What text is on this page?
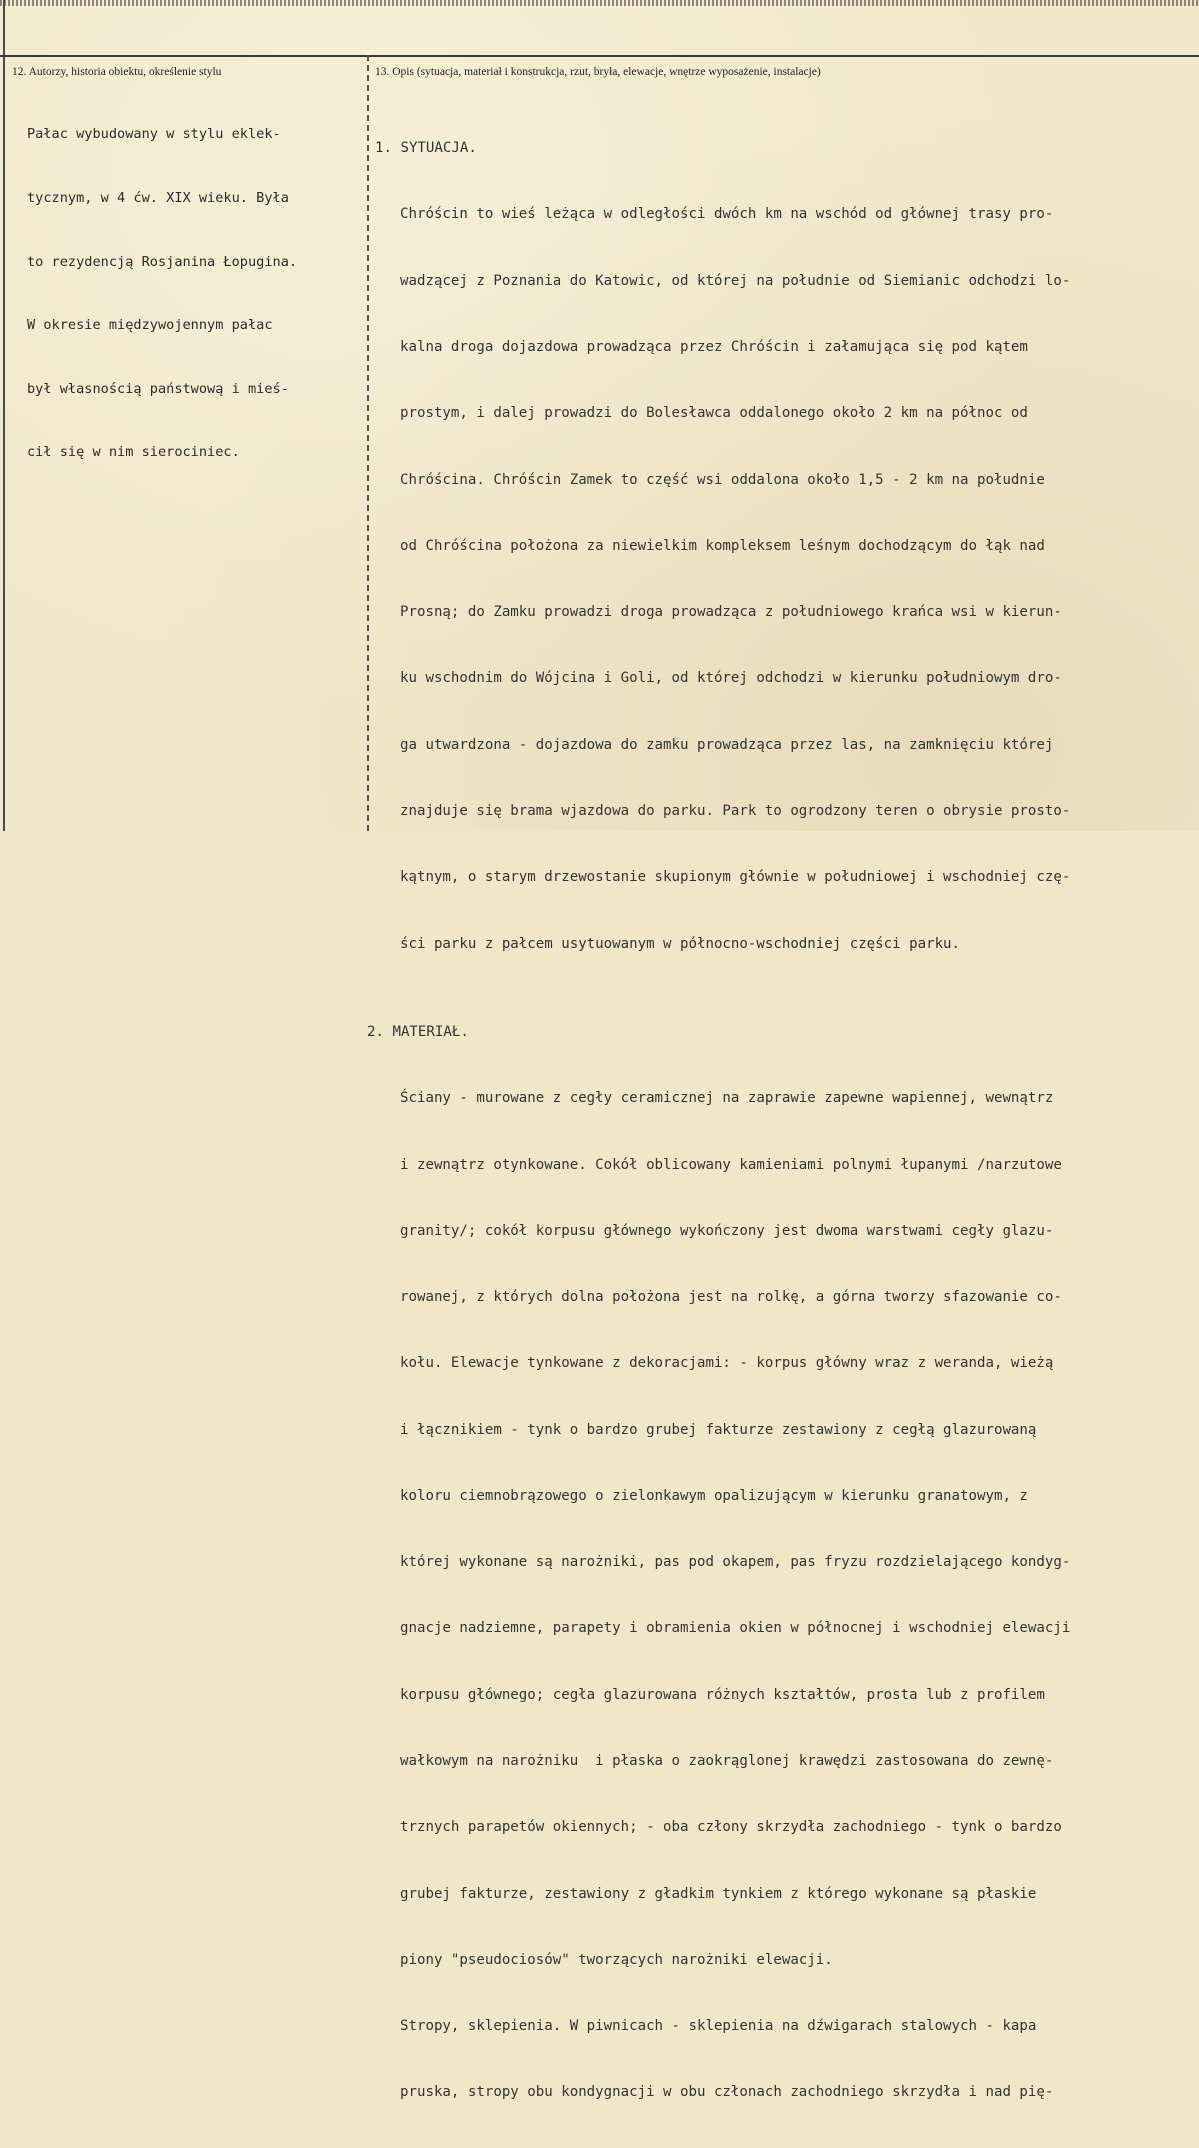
12. Autorzy, historia obiektu, określenie stylu	13. Opis (sytuacja, materiał i konstrukcja, rzut, bryła, elewacje, wnętrze wyposażenie, instalacje)

Pałac wybudowany w stylu eklek-

tycznym, w 4 ćw. XIX wieku. Była

to rezydencją Rosjanina Łopugina.

W okresie międzywojennym pałac

był własnością państwową i mieś-

cił się w nim sierociniec.

1. SYTUACJA.

Chróścin to wieś leżąca w odległości dwóch km na wschód od głównej trasy pro-

wadzącej z Poznania do Katowic, od której na południe od Siemianic odchodzi lo-

kalna droga dojazdowa prowadząca przez Chróścin i załamująca się pod kątem

prostym, i dalej prowadzi do Bolesławca oddalonego około 2 km na północ od

Chróścina. Chróścin Zamek to część wsi oddalona około 1,5 - 2 km na południe

od Chróścina położona za niewielkim kompleksem leśnym dochodzącym do łąk nad

Prosną; do Zamku prowadzi droga prowadząca z południowego krańca wsi w kierun-

ku wschodnim do Wójcina i Goli, od której odchodzi w kierunku południowym dro-

ga utwardzona - dojazdowa do zamku prowadząca przez las, na zamknięciu której

znajduje się brama wjazdowa do parku. Park to ogrodzony teren o obrysie prosto-

kątnym, o starym drzewostanie skupionym głównie w południowej i wschodniej czę-

ści parku z pałcem usytuowanym w północno-wschodniej części parku.

2. MATERIAŁ.

Ściany - murowane z cegły ceramicznej na zaprawie zapewne wapiennej, wewnątrz

i zewnątrz otynkowane. Cokół oblicowany kamieniami polnymi łupanymi /narzutowe

granity/; cokół korpusu głównego wykończony jest dwoma warstwami cegły glazu-

rowanej, z których dolna położona jest na rolkę, a górna tworzy sfazowanie co-

kołu. Elewacje tynkowane z dekoracjami: - korpus główny wraz z weranda, wieżą

i łącznikiem - tynk o bardzo grubej fakturze zestawiony z cegłą glazurowaną

koloru ciemnobrązowego o zielonkawym opalizującym w kierunku granatowym, z

której wykonane są narożniki, pas pod okapem, pas fryzu rozdzielającego kondyg-

gnacje nadziemne, parapety i obramienia okien w północnej i wschodniej elewacji

korpusu głównego; cegła glazurowana różnych kształtów, prosta lub z profilem

wałkowym na narożniku  i płaska o zaokrąglonej krawędzi zastosowana do zewnę-

trznych parapetów okiennych; - oba człony skrzydła zachodniego - tynk o bardzo

grubej fakturze, zestawiony z gładkim tynkiem z którego wykonane są płaskie

piony "pseudociosów" tworzących narożniki elewacji.

Stropy, sklepienia. W piwnicach - sklepienia na dźwigarach stalowych - kapa

pruska, stropy obu kondygnacji w obu członach zachodniego skrzydła i nad pię-
